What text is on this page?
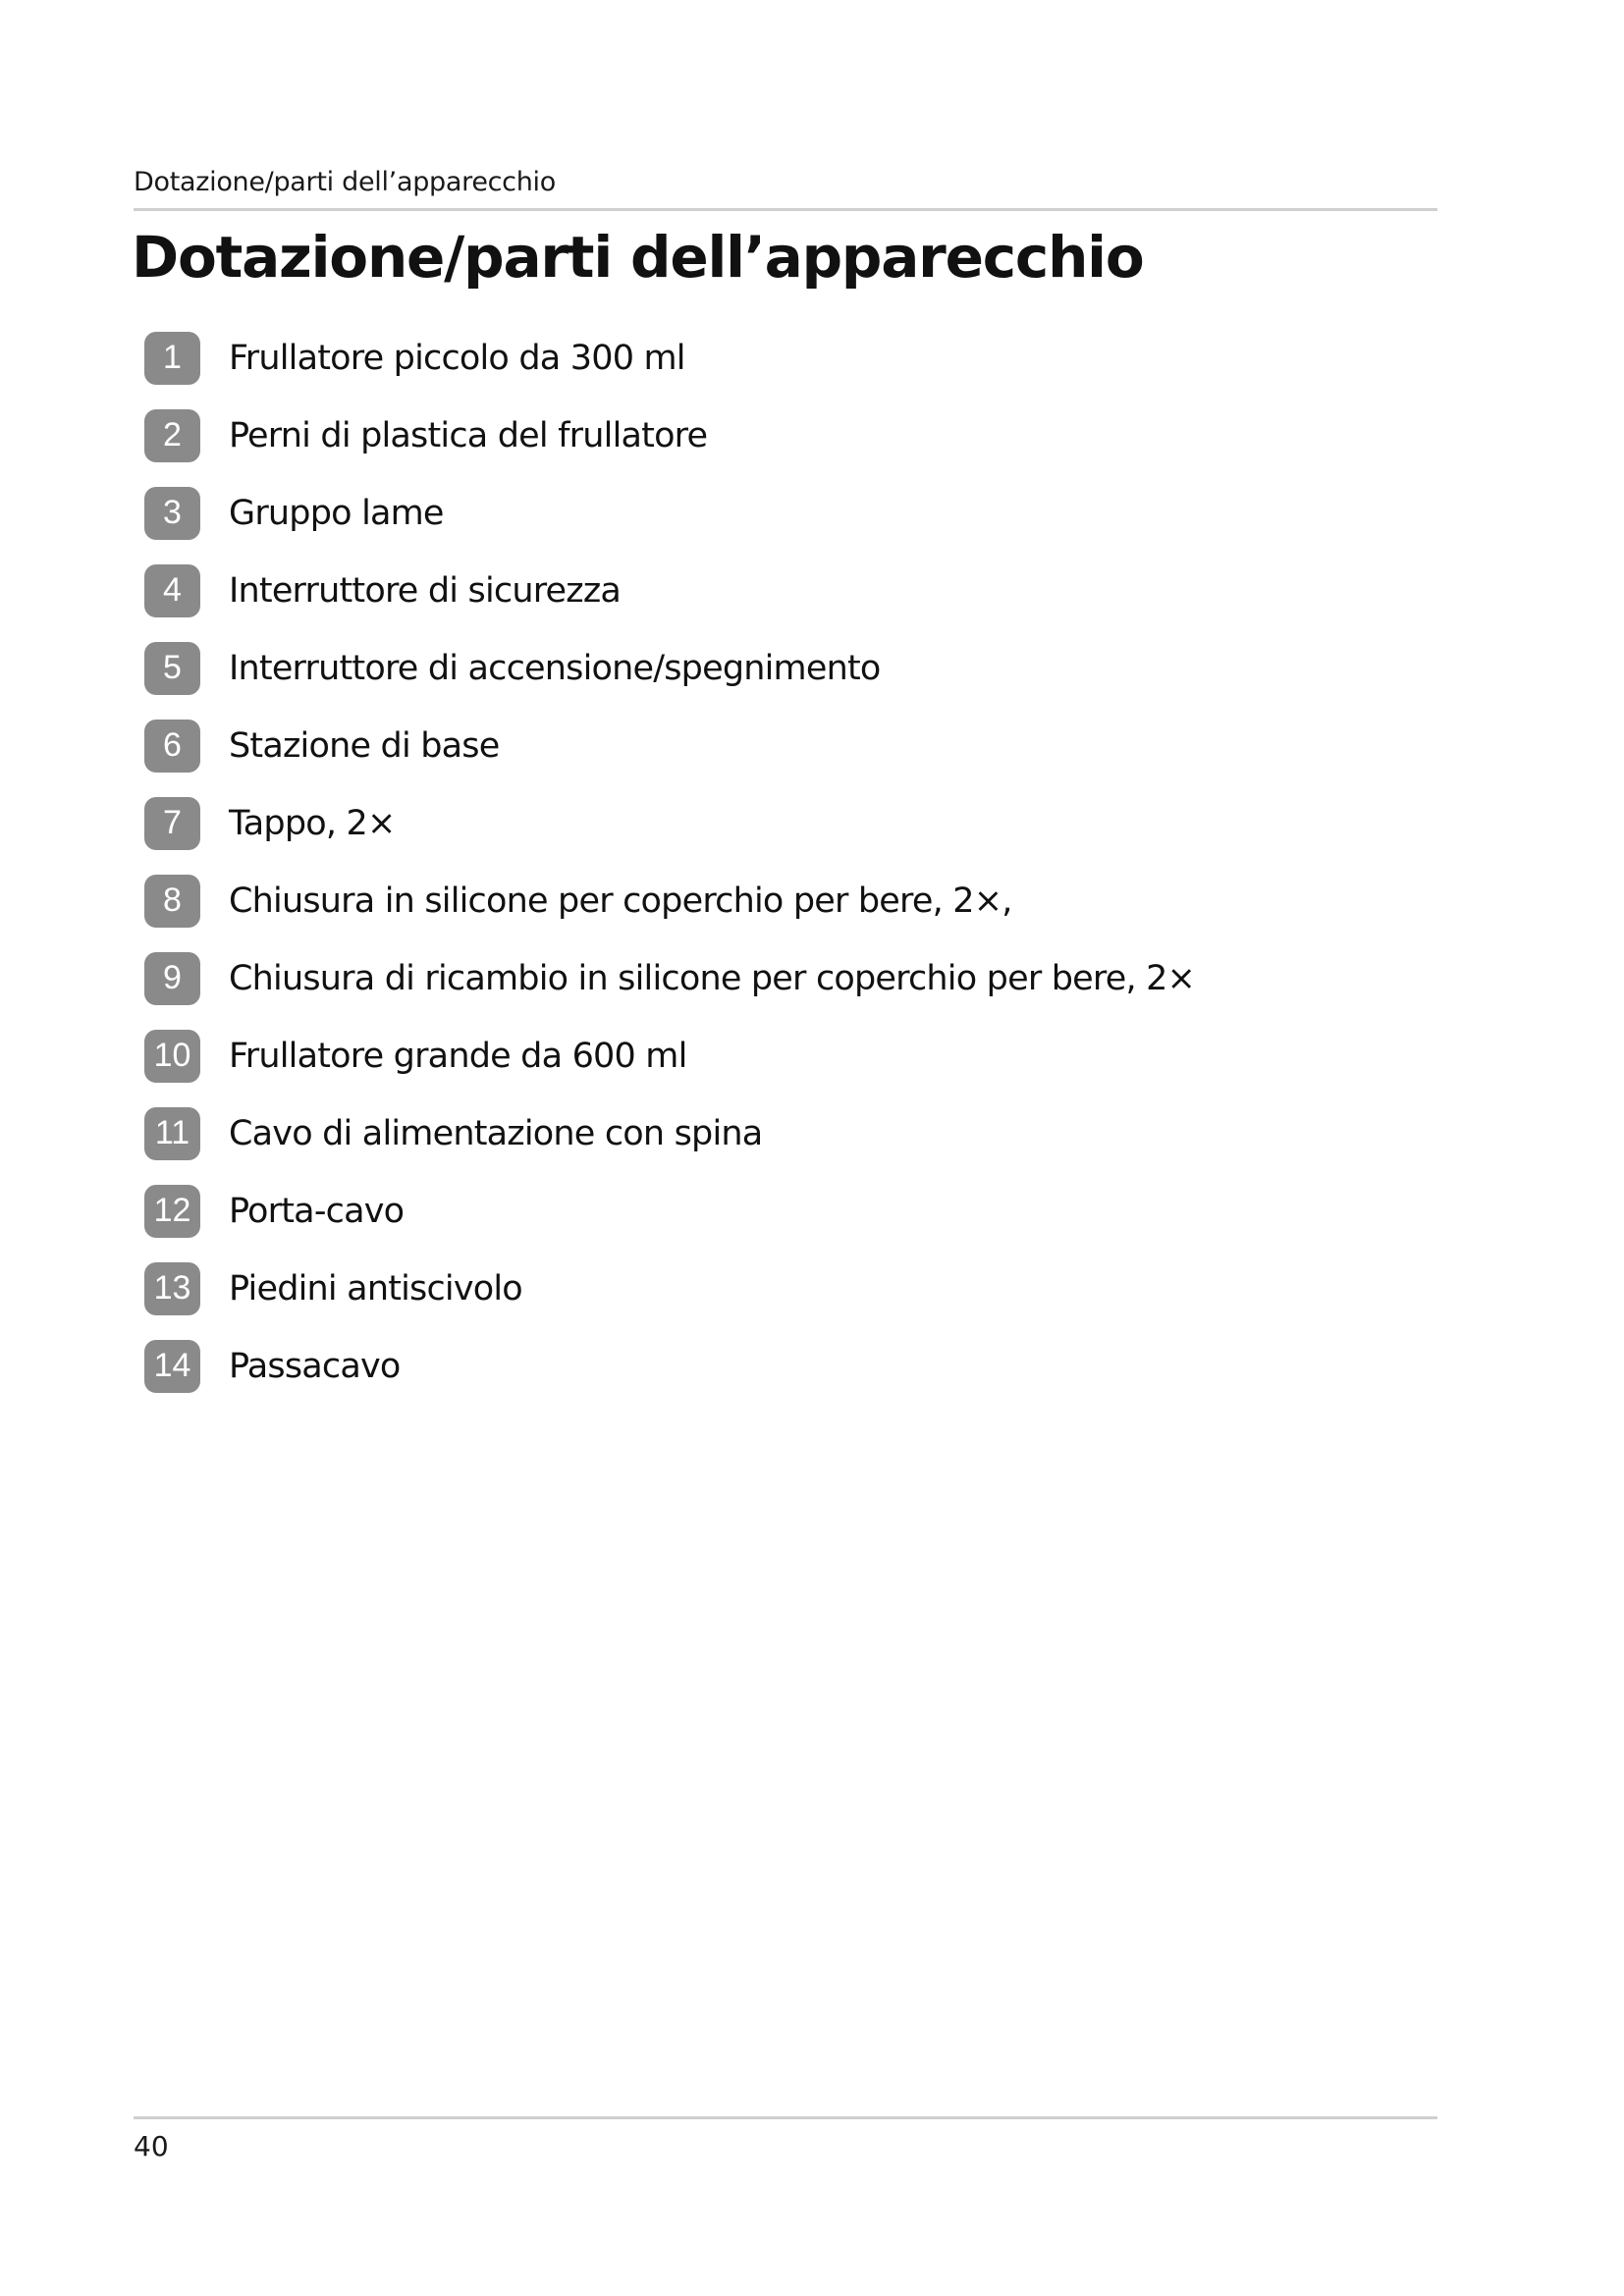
Dotazione/parti dell’apparecchio
Dotazione/parti dell’apparecchio
1	Frullatore piccolo da 300 ml
2	Perni di plastica del frullatore
3	Gruppo lame
4	Interruttore di sicurezza
5	Interruttore di accensione/spegnimento
6	Stazione di base
7	Tappo, 2×
8	Chiusura in silicone per coperchio per bere, 2×,
9	Chiusura di ricambio in silicone per coperchio per bere, 2×
10 Frullatore grande da 600 ml
11	Cavo di alimentazione con spina
12 Porta-cavo
13 Piedini antiscivolo
14 Passacavo
40
